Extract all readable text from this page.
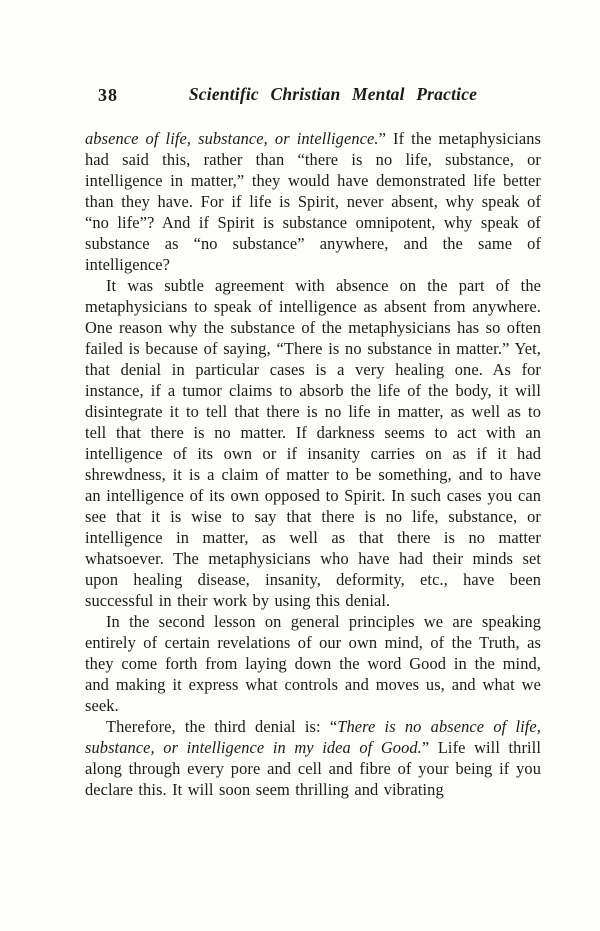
38	Scientific Christian Mental Practice

absence of life, substance, or intelligence.” If the metaphysicians had said this, rather than “there is no life, substance, or intelligence in matter,” they would have demonstrated life better than they have. For if life is Spirit, never absent, why speak of “no life”? And if Spirit is substance omnipotent, why speak of substance as “no substance” anywhere, and the same of intelligence?

It was subtle agreement with absence on the part of the metaphysicians to speak of intelligence as absent from anywhere. One reason why the substance of the metaphysicians has so often failed is because of saying, “There is no substance in matter.” Yet, that denial in particular cases is a very healing one. As for instance, if a tumor claims to absorb the life of the body, it will disintegrate it to tell that there is no life in matter, as well as to tell that there is no matter. If darkness seems to act with an intelligence of its own or if insanity carries on as if it had shrewdness, it is a claim of matter to be something, and to have an intelligence of its own opposed to Spirit. In such cases you can see that it is wise to say that there is no life, substance, or intelligence in matter, as well as that there is no matter whatsoever. The metaphysicians who have had their minds set upon healing disease, insanity, deformity, etc., have been successful in their work by using this denial.

In the second lesson on general principles we are speaking entirely of certain revelations of our own mind, of the Truth, as they come forth from laying down the word Good in the mind, and making it express what controls and moves us, and what we seek.

Therefore, the third denial is: “There is no absence of life, substance, or intelligence in my idea of Good.” Life will thrill along through every pore and cell and fibre of your being if you declare this. It will soon seem thrilling and vibrating
